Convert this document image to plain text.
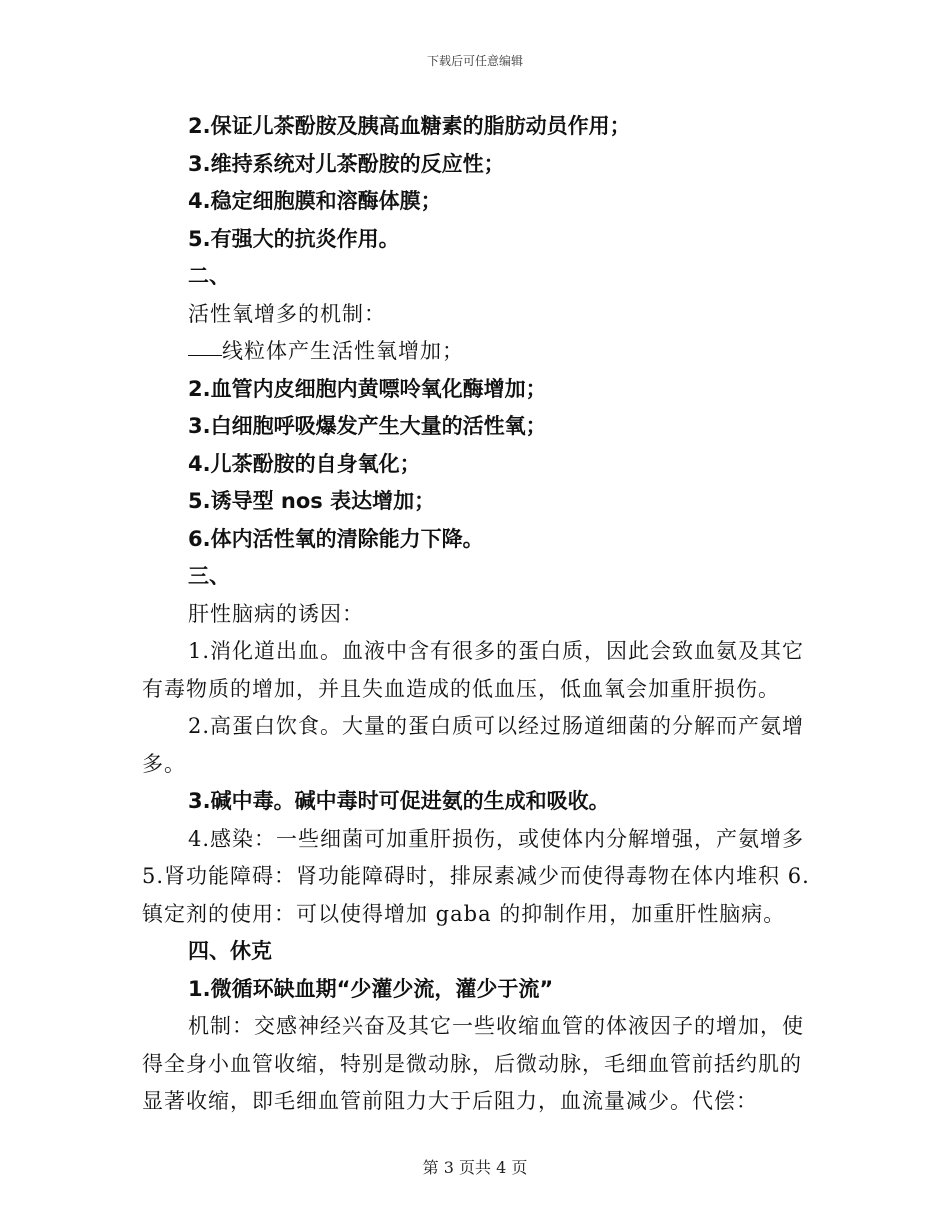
下载后可任意编辑
2.保证儿茶酚胺及胰高血糖素的脂肪动员作用；
3.维持系统对儿茶酚胺的反应性；
4.稳定细胞膜和溶酶体膜；
5.有强大的抗炎作用。
二、
活性氧增多的机制：
线粒体产生活性氧增加；
2.血管内皮细胞内黄嘌呤氧化酶增加；
3.白细胞呼吸爆发产生大量的活性氧；
4.儿茶酚胺的自身氧化；
5.诱导型 nos 表达增加；
6.体内活性氧的清除能力下降。
三、
肝性脑病的诱因：
1.消化道出血。血液中含有很多的蛋白质，因此会致血氨及其它
有毒物质的增加，并且失血造成的低血压，低血氧会加重肝损伤。
2.高蛋白饮食。大量的蛋白质可以经过肠道细菌的分解而产氨增
多。
3.碱中毒。碱中毒时可促进氨的生成和吸收。
4.感染：一些细菌可加重肝损伤，或使体内分解增强，产氨增多
5.肾功能障碍：肾功能障碍时，排尿素减少而使得毒物在体内堆积 6.
镇定剂的使用：可以使得增加 gaba 的抑制作用，加重肝性脑病。
四、休克
1.微循环缺血期“少灌少流，灌少于流”
机制：交感神经兴奋及其它一些收缩血管的体液因子的增加，使
得全身小血管收缩，特别是微动脉，后微动脉，毛细血管前括约肌的
显著收缩，即毛细血管前阻力大于后阻力，血流量减少。代偿：
第 3 页共 4 页
